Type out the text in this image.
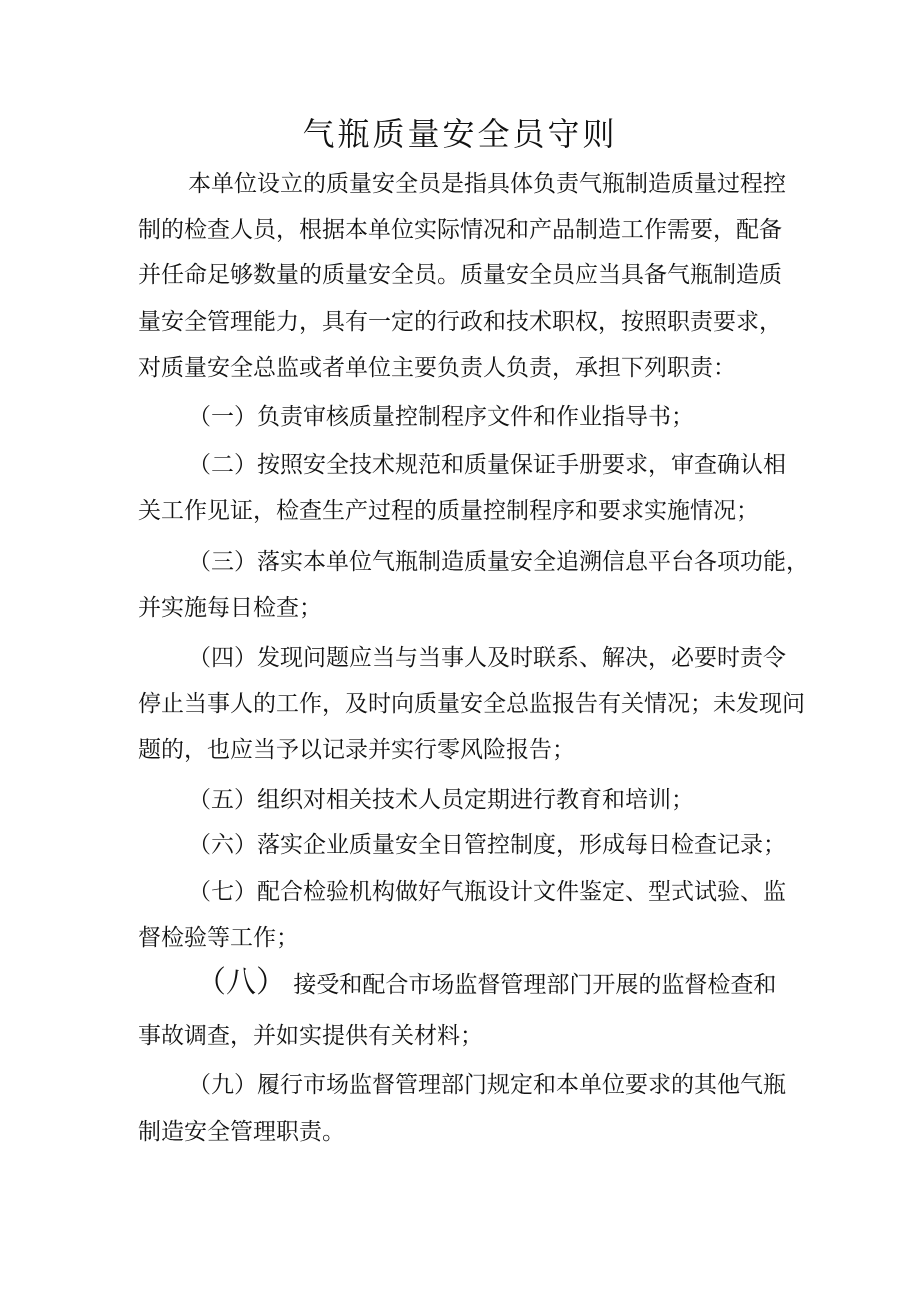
气瓶质量安全员守则
本单位设立的质量安全员是指具体负责气瓶制造质量过程控
制的检查人员，根据本单位实际情况和产品制造工作需要，配备
并任命足够数量的质量安全员。质量安全员应当具备气瓶制造质
量安全管理能力，具有一定的行政和技术职权，按照职责要求，
对质量安全总监或者单位主要负责人负责，承担下列职责：
（一）负责审核质量控制程序文件和作业指导书；
（二）按照安全技术规范和质量保证手册要求，审查确认相
关工作见证，检查生产过程的质量控制程序和要求实施情况；
（三）落实本单位气瓶制造质量安全追溯信息平台各项功能，
并实施每日检查；
（四）发现问题应当与当事人及时联系、解决，必要时责令
停止当事人的工作，及时向质量安全总监报告有关情况；未发现问
题的，也应当予以记录并实行零风险报告；
（五）组织对相关技术人员定期进行教育和培训；
（六）落实企业质量安全日管控制度，形成每日检查记录；
（七）配合检验机构做好气瓶设计文件鉴定、型式试验、监
督检验等工作；
（八） 接受和配合市场监督管理部门开展的监督检查和
事故调查，并如实提供有关材料；
（九）履行市场监督管理部门规定和本单位要求的其他气瓶
制造安全管理职责。
